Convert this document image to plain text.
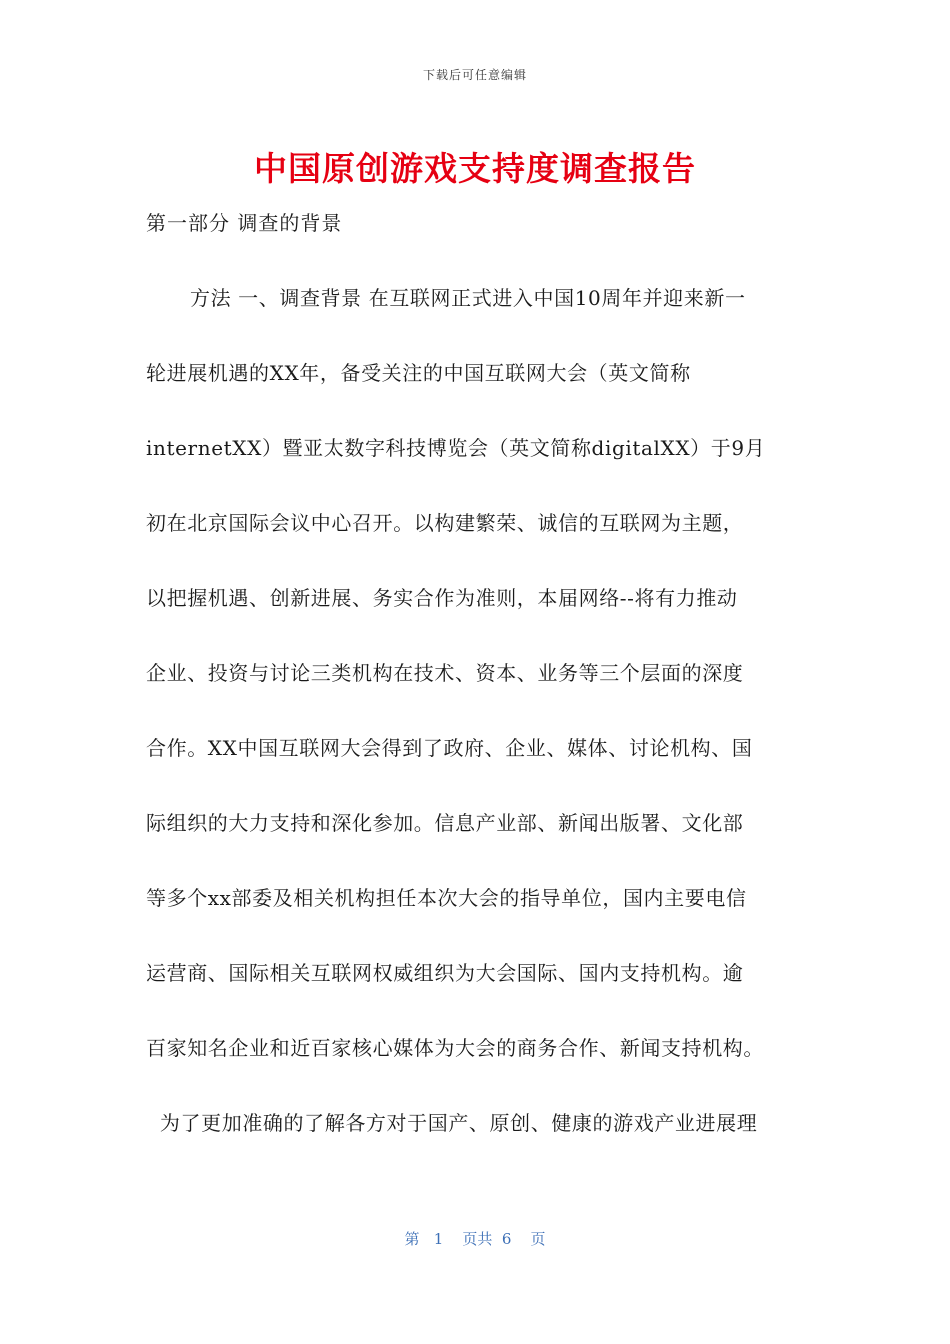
下载后可任意编辑
中国原创游戏支持度调查报告
第一部分 调查的背景
方法 一、调查背景 在互联网正式进入中国10周年并迎来新一
轮进展机遇的XX年，备受关注的中国互联网大会（英文简称
internetXX）暨亚太数字科技博览会（英文简称digitalXX）于9月
初在北京国际会议中心召开。以构建繁荣、诚信的互联网为主题，
以把握机遇、创新进展、务实合作为准则，本届网络--将有力推动
企业、投资与讨论三类机构在技术、资本、业务等三个层面的深度
合作。XX中国互联网大会得到了政府、企业、媒体、讨论机构、国
际组织的大力支持和深化参加。信息产业部、新闻出版署、文化部
等多个xx部委及相关机构担任本次大会的指导单位，国内主要电信
运营商、国际相关互联网权威组织为大会国际、国内支持机构。逾
百家知名企业和近百家核心媒体为大会的商务合作、新闻支持机构。
为了更加准确的了解各方对于国产、原创、健康的游戏产业进展理
第   1    页共  6    页
